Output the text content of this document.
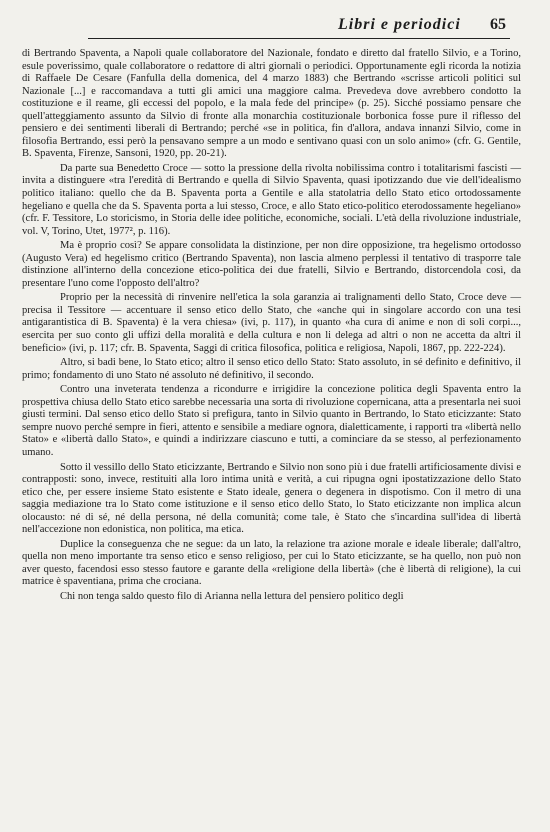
Libri e periodici 65

di Bertrando Spaventa, a Napoli quale collaboratore del Nazionale, fondato e diretto dal fratello Silvio, e a Torino, esule poverissimo, quale collaboratore o redattore di altri giornali o periodici. Opportunamente egli ricorda la notizia di Raffaele De Cesare (Fanfulla della domenica, del 4 marzo 1883) che Bertrando «scrisse articoli politici sul Nazionale [...] e raccomandava a tutti gli amici una maggiore calma. Prevedeva dove avrebbero condotto la costituzione e il reame, gli eccessi del popolo, e la mala fede del principe» (p. 25). Sicché possiamo pensare che quell'atteggiamento assunto da Silvio di fronte alla monarchia costituzionale borbonica fosse pure il riflesso del pensiero e dei sentimenti liberali di Bertrando; perché «se in politica, fin d'allora, andava innanzi Silvio, come in filosofia Bertrando, essi però la pensavano sempre a un modo e sentivano quasi con un solo animo» (cfr. G. Gentile, B. Spaventa, Firenze, Sansoni, 1920, pp. 20-21).

Da parte sua Benedetto Croce — sotto la pressione della rivolta nobilissima contro i totalitarismi fascisti — invita a distinguere «tra l'eredità di Bertrando e quella di Silvio Spaventa, quasi ipotizzando due vie dell'idealismo politico italiano: quello che da B. Spaventa porta a Gentile e alla statolatria dello Stato etico ortodossamente hegeliano e quella che da S. Spaventa porta a lui stesso, Croce, e allo Stato etico-politico eterodossamente hegeliano» (cfr. F. Tessitore, Lo storicismo, in Storia delle idee politiche, economiche, sociali. L'età della rivoluzione industriale, vol. V, Torino, Utet, 1977², p. 116).

Ma è proprio così? Se appare consolidata la distinzione, per non dire opposizione, tra hegelismo ortodosso (Augusto Vera) ed hegelismo critico (Bertrando Spaventa), non lascia almeno perplessi il tentativo di trasporre tale distinzione all'interno della concezione etico-politica dei due fratelli, Silvio e Bertrando, distorcendola così, da presentare l'uno come l'opposto dell'altro?

Proprio per la necessità di rinvenire nell'etica la sola garanzia ai tralignamenti dello Stato, Croce deve — precisa il Tessitore — accentuare il senso etico dello Stato, che «anche qui in singolare accordo con una tesi antigarantistica di B. Spaventa) è la vera chiesa» (ivi, p. 117), in quanto «ha cura di anime e non di soli corpi..., esercita per suo conto gli uffizi della moralità e della cultura e non li delega ad altri o non ne accetta da altri il beneficio» (ivi, p. 117; cfr. B. Spaventa, Saggi di critica filosofica, politica e religiosa, Napoli, 1867, pp. 222-224).

Altro, si badi bene, lo Stato etico; altro il senso etico dello Stato: Stato assoluto, in sé definito e definitivo, il primo; fondamento di uno Stato né assoluto né definitivo, il secondo.

Contro una inveterata tendenza a ricondurre e irrigidire la concezione politica degli Spaventa entro la prospettiva chiusa dello Stato etico sarebbe necessaria una sorta di rivoluzione copernicana, atta a presentarla nei suoi giusti termini. Dal senso etico dello Stato si prefigura, tanto in Silvio quanto in Bertrando, lo Stato eticizzante: Stato sempre nuovo perché sempre in fieri, attento e sensibile a mediare ognora, dialetticamente, i rapporti tra «libertà nello Stato» e «libertà dallo Stato», e quindi a indirizzare ciascuno e tutti, a cominciare da se stesso, al perfezionamento umano.

Sotto il vessillo dello Stato eticizzante, Bertrando e Silvio non sono più i due fratelli artificiosamente divisi e contrapposti: sono, invece, restituiti alla loro intima unità e verità, a cui ripugna ogni ipostatizzazione dello Stato etico che, per essere insieme Stato esistente e Stato ideale, genera o degenera in dispotismo. Con il metro di una saggia mediazione tra lo Stato come istituzione e il senso etico dello Stato, lo Stato eticizzante non implica alcun olocausto: né di sé, né della persona, né della comunità; come tale, è Stato che s'incardina sull'idea di libertà nell'accezione non edonistica, non politica, ma etica.

Duplice la conseguenza che ne segue: da un lato, la relazione tra azione morale e ideale liberale; dall'altro, quella non meno importante tra senso etico e senso religioso, per cui lo Stato eticizzante, se ha quello, non può non aver questo, facendosi esso stesso fautore e garante della «religione della libertà» (che è libertà di religione), la cui matrice è spaventiana, prima che crociana.

Chi non tenga saldo questo filo di Arianna nella lettura del pensiero politico degli
